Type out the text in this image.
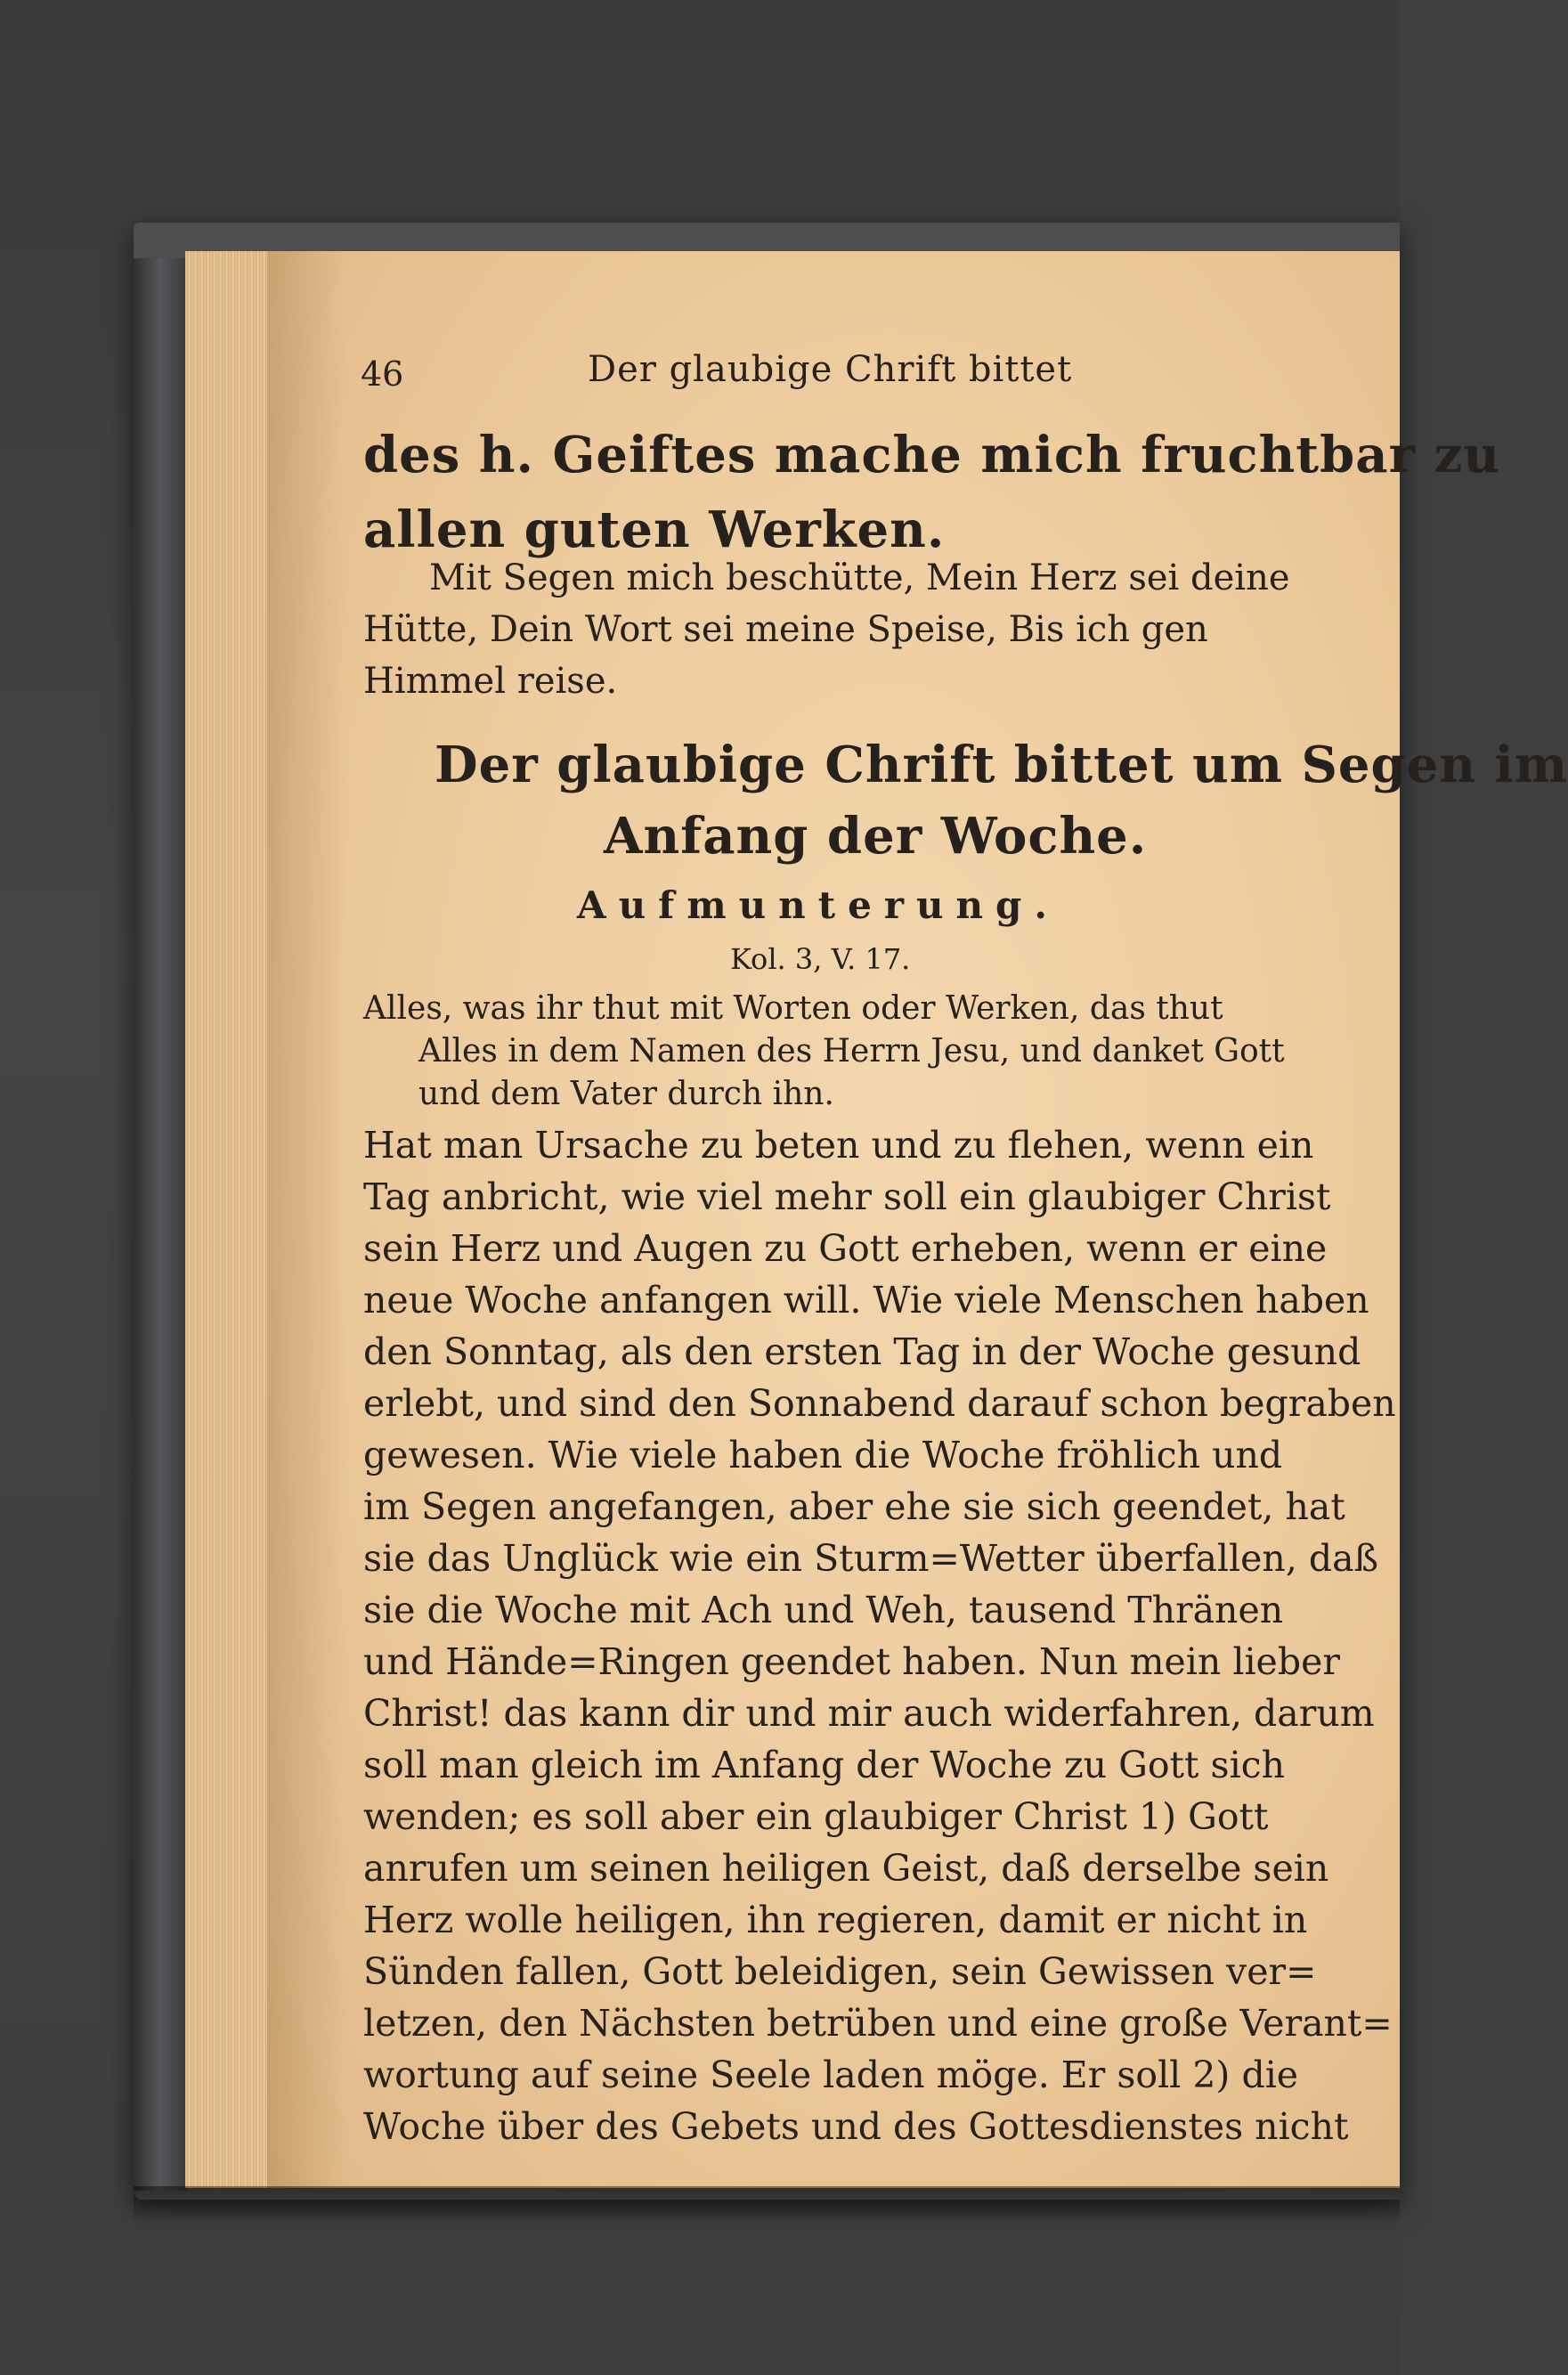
46	Der glaubige Chrift bittet

des h. Geiftes mache mich fruchtbar zu

allen guten Werken.

Mit Segen mich beschütte, Mein Herz sei deine

Hütte, Dein Wort sei meine Speise, Bis ich gen

Himmel reise.

Der glaubige Chrift bittet um Segen im

Anfang der Woche.

Aufmunterung.

Kol. 3, V. 17.

Alles, was ihr thut mit Worten oder Werken, das thut

Alles in dem Namen des Herrn Jesu, und danket Gott

und dem Vater durch ihn.

Hat man Ursache zu beten und zu flehen, wenn ein

Tag anbricht, wie viel mehr soll ein glaubiger Christ

sein Herz und Augen zu Gott erheben, wenn er eine

neue Woche anfangen will. Wie viele Menschen haben

den Sonntag, als den ersten Tag in der Woche gesund

erlebt, und sind den Sonnabend darauf schon begraben

gewesen. Wie viele haben die Woche fröhlich und

im Segen angefangen, aber ehe sie sich geendet, hat

sie das Unglück wie ein Sturm=Wetter überfallen, daß

sie die Woche mit Ach und Weh, tausend Thränen

und Hände=Ringen geendet haben. Nun mein lieber

Christ! das kann dir und mir auch widerfahren, darum

soll man gleich im Anfang der Woche zu Gott sich

wenden; es soll aber ein glaubiger Christ 1) Gott

anrufen um seinen heiligen Geist, daß derselbe sein

Herz wolle heiligen, ihn regieren, damit er nicht in

Sünden fallen, Gott beleidigen, sein Gewissen ver=

letzen, den Nächsten betrüben und eine große Verant=

wortung auf seine Seele laden möge. Er soll 2) die

Woche über des Gebets und des Gottesdienstes nicht
